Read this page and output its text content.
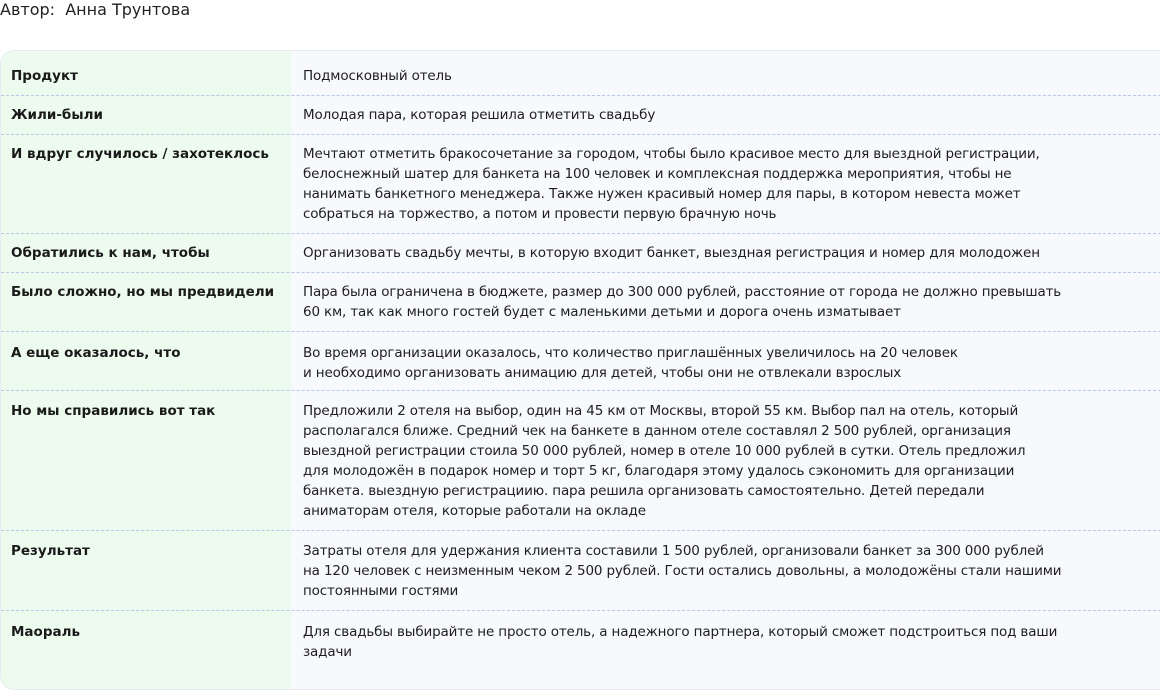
Автор:  Анна Трунтова
Продукт	Подмосковный отель
Жили-были	Молодая пара, которая решила отметить свадьбу
И вдруг случилось / захотеклось	Мечтают отметить бракосочетание за городом, чтобы было красивое место для выездной регистрации,
белоснежный шатер для банкета на 100 человек и комплексная поддержка мероприятия, чтобы не
нанимать банкетного менеджера. Также нужен красивый номер для пары, в котором невеста может
собраться на торжество, а потом и провести первую брачную ночь
Обратились к нам, чтобы	Организовать свадьбу мечты, в которую входит банкет, выездная регистрация и номер для молодожен
Было сложно, но мы предвидели	Пара была ограничена в бюджете, размер до 300 000 рублей, расстояние от города не должно превышать
60 км, так как много гостей будет с маленькими детьми и дорога очень изматывает
А еще оказалось, что	Во время организации оказалось, что количество приглашённых увеличилось на 20 человек
и необходимо организовать анимацию для детей, чтобы они не отвлекали взрослых
Но мы справились вот так	Предложили 2 отеля на выбор, один на 45 км от Москвы, второй 55 км. Выбор пал на отель, который
располагался ближе. Средний чек на банкете в данном отеле составлял 2 500 рублей, организация
выездной регистрации стоила 50 000 рублей, номер в отеле 10 000 рублей в сутки. Отель предложил
для молодожён в подарок номер и торт 5 кг, благодаря этому удалось сэкономить для организации
банкета. выездную регистрациию. пара решила организовать самостоятельно. Детей передали
аниматорам отеля, которые работали на окладе
Результат	Затраты отеля для удержания клиента составили 1 500 рублей, организовали банкет за 300 000 рублей
на 120 человек с неизменным чеком 2 500 рублей. Гости остались довольны, а молодожёны стали нашими
постоянными гостями
Маораль	Для свадьбы выбирайте не просто отель, а надежного партнера, который сможет подстроиться под ваши
задачи
